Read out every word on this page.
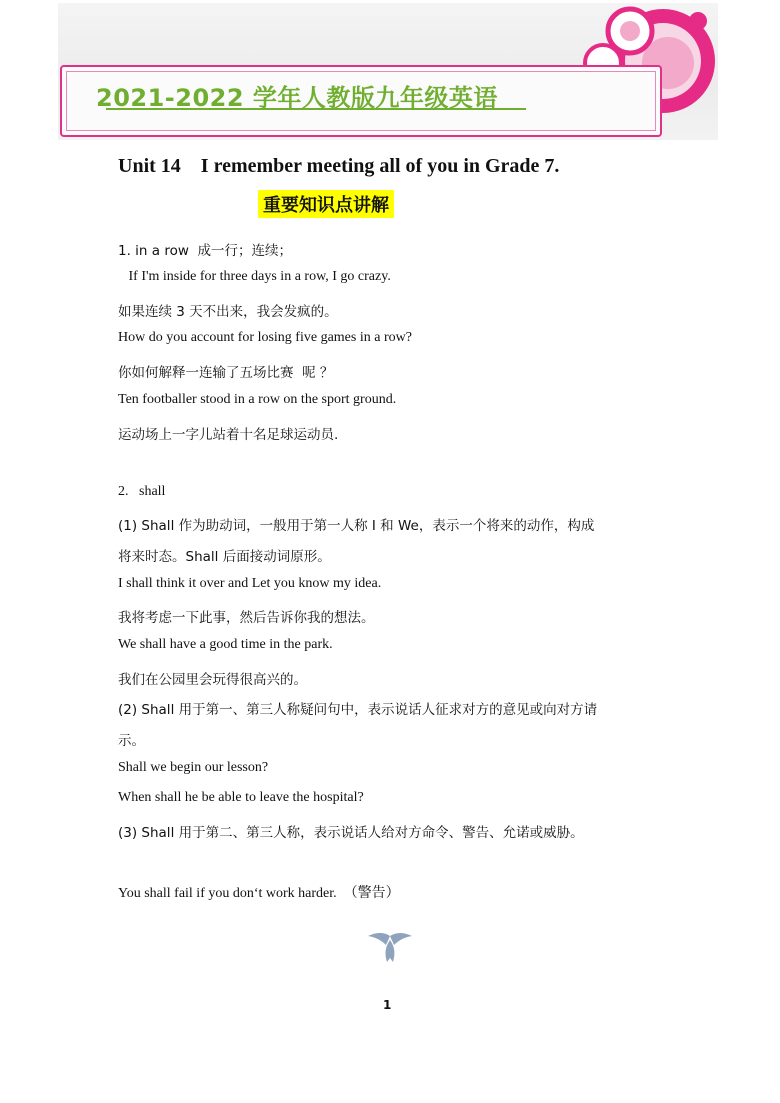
2021-2022 学年人教版九年级英语
Unit 14    I remember meeting all of you in Grade 7.
重要知识点讲解
1. in a row  成一行；连续；
If I'm inside for three days in a row, I go crazy.
如果连续 3 天不出来，我会发疯的。
How do you account for losing five games in a row?
你如何解释一连输了五场比赛  呢 ？
Ten footballer stood in a row on the sport ground.
运动场上一字儿站着十名足球运动员.
2.   shall
(1) Shall 作为助动词，一般用于第一人称 I 和 We，表示一个将来的动作，构成
将来时态。Shall 后面接动词原形。
I shall think it over and Let you know my idea.
我将考虑一下此事，然后告诉你我的想法。
We shall have a good time in the park.
我们在公园里会玩得很高兴的。
(2) Shall 用于第一、第三人称疑问句中，表示说话人征求对方的意见或向对方请
示。
Shall we begin our lesson?
When shall he be able to leave the hospital?
(3) Shall 用于第二、第三人称，表示说话人给对方命令、警告、允诺或威胁。
You shall fail if you don‘t work harder.  （警告）
1
